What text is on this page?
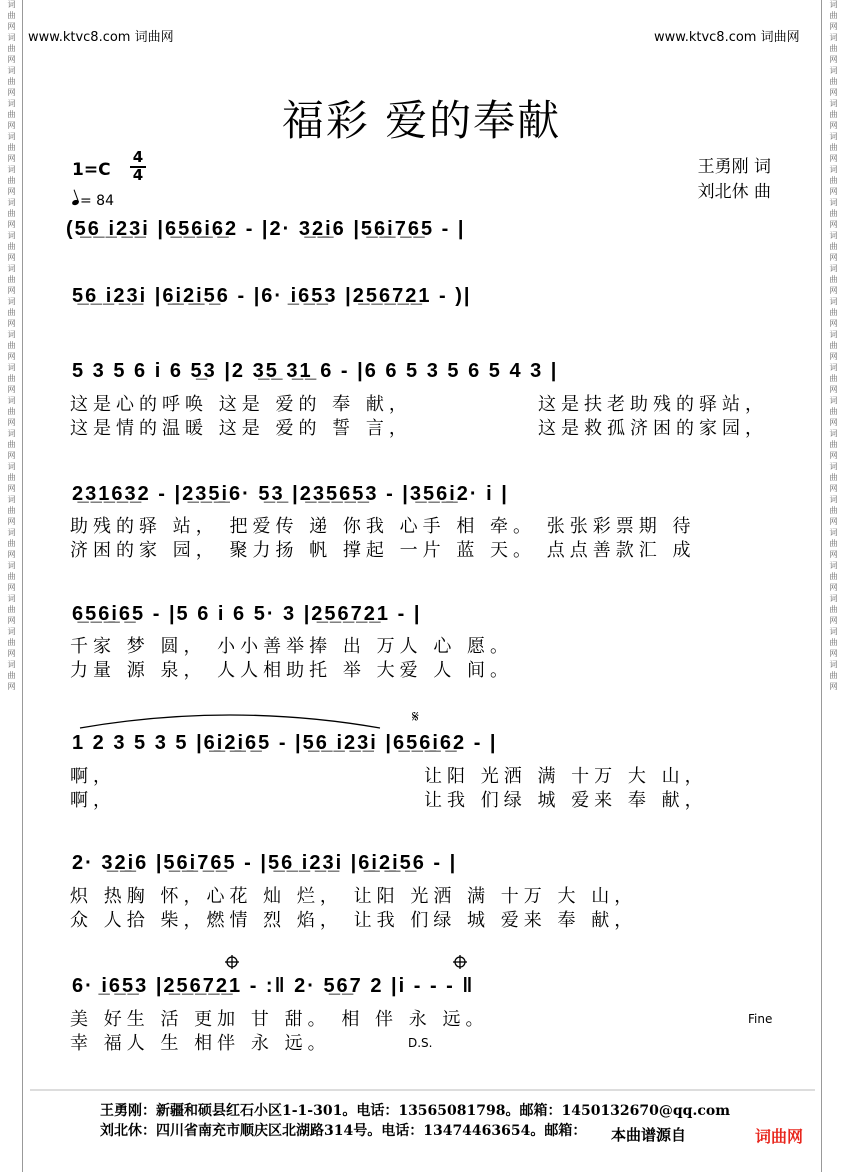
词曲网词曲网词曲网词曲网词曲网词曲网词曲网词曲网词曲网词曲网词曲网词曲网词曲网词曲网词曲网词曲网词曲网词曲网词曲网词曲网词曲网	词曲网词曲网词曲网词曲网词曲网词曲网词曲网词曲网词曲网词曲网词曲网词曲网词曲网词曲网词曲网词曲网词曲网词曲网词曲网词曲网词曲网
www.ktvc8.com 词曲网	www.ktvc8.com 词曲网
福彩 爱的奉献
$1=C \frac{4}{4}$
= 84
王勇刚 词
刘北休 曲
(5̲6̲ i̲2̲3̲i |6̲5̲6̲i̲6̲2 - |2· 3̲2̲i̲6 |5̲6̲i̲7̲6̲5 - |
5̲6̲ i̲2̲3̲i |6̲i̲2̲i̲5̲6 - |6· i̲6̲5̲3 |2̲5̲6̲7̲2̲1 - )|
5 3 5 6 i 6 5̲3 |2 3̲5̲ 3̲1̲ 6 - |6 6 5 3 5 6 5 4 3 |
这是心的呼唤 这是 爱的 奉 献，	这是扶老助残的驿站，
这是情的温暖 这是 爱的 誓 言，	这是救孤济困的家园，
2̲3̲1̲6̲3̲2 - |2̲3̲5̲i̲6· 5̲3̲ |2̲3̲5̲6̲5̲3 - |3̲5̲6̲i̲2· i |
助残的驿 站， 把爱传 递 你我 心手 相 牵。 张张彩票期 待
济困的家 园， 聚力扬 帆 撑起 一片 蓝 天。 点点善款汇 成
6̲5̲6̲i̲6̲5 - |5 6 i 6 5· 3 |2̲5̲6̲7̲2̲1 - |
千家 梦 圆， 小小善举捧 出 万人 心 愿。
力量 源 泉， 人人相助托 举 大爱 人 间。
1 2 3 5 3 5 |6̲i̲2̲i̲6̲5 - |5̲6̲ i̲2̲3̲i |6̲5̲6̲i̲6̲2 - |
啊，
啊，
让阳 光洒 满 十万 大 山，
让我 们绿 城 爱来 奉 献，
2· 3̲2̲i̲6 |5̲6̲i̲7̲6̲5 - |5̲6̲ i̲2̲3̲i |6̲i̲2̲i̲5̲6 - |
炽 热胸 怀，心花 灿 烂， 让阳 光洒 满 十万 大 山，
众 人拾 柴，燃情 烈 焰， 让我 们绿 城 爱来 奉 献，
6· i̲6̲5̲3 |2̲5̲6̲7̲2̲1 - :‖ 2· 5̲6̲7 2 |i - - - ‖
美 好生 活 更加 甘 甜。 相 伴 永 远。
幸 福人 生 相伴 永 远。
Fine
D.S.
𝄋
王勇刚：新疆和硕县红石小区1-1-301。电话：13565081798。邮箱：1450132670@qq.com
刘北休：四川省南充市顺庆区北湖路314号。电话：13474463654。邮箱： 本曲谱源自	词曲网
